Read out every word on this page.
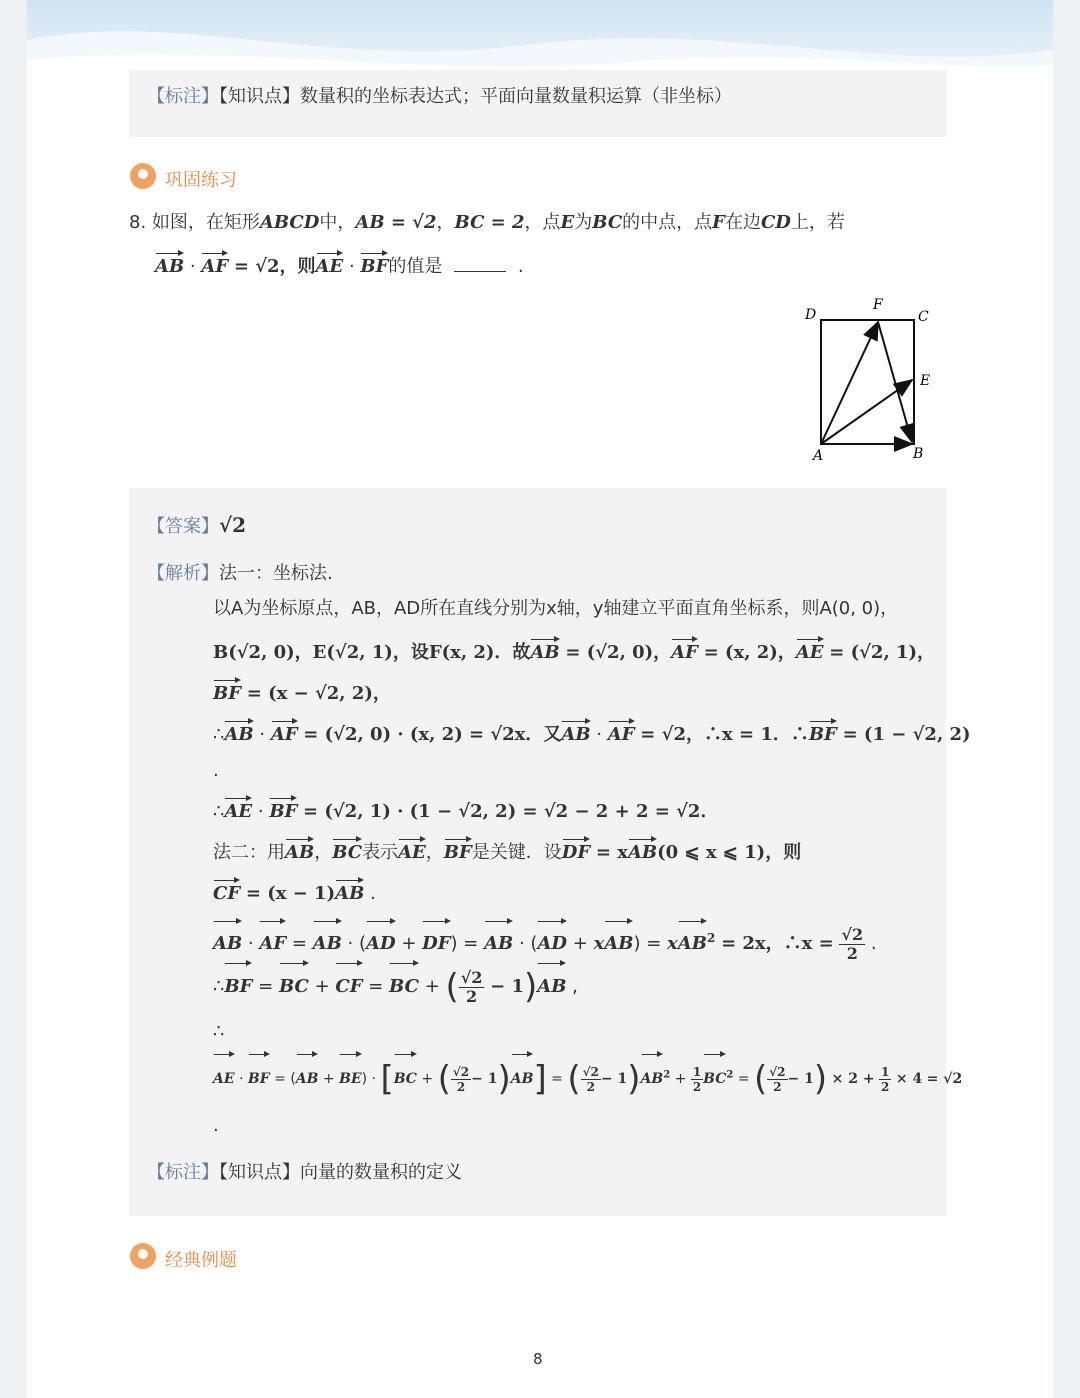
【标注】【知识点】数量积的坐标表达式；平面向量数量积运算（非坐标）
巩固练习
8. 如图，在矩形ABCD中，AB = √2，BC = 2，点E为BC的中点，点F在边CD上，若
AB · AF = √2，则AE · BF的值是	.
D
F
C
E
A	B
【答案】√2
【解析】法一：坐标法.
以A为坐标原点，AB，AD所在直线分别为x轴，y轴建立平面直角坐标系，则A(0, 0)，
B(√2, 0)，E(√2, 1)，设F(x, 2)．故AB = (√2, 0)，AF = (x, 2)，AE = (√2, 1)，
BF = (x − √2, 2)，
∴AB · AF = (√2, 0) · (x, 2) = √2x．又AB · AF = √2，∴x = 1．∴BF = (1 − √2, 2)
.
∴AE · BF = (√2, 1) · (1 − √2, 2) = √2 − 2 + 2 = √2．
法二：用AB，BC表示AE，BF是关键．设DF = xAB(0 ⩽ x ⩽ 1)，则
CF = (x − 1)AB .
AB · AF = AB · (AD + DF) = AB · (AD + xAB) = xAB$^2$ = 2x，∴x = $\frac{√2}{2}$ .
∴BF = BC + CF = BC + ( $\frac{√2}{2} - 1)AB$ ,
∴
AE · BF = (AB + BE) · [BC + ( $\frac{√2}{2} - 1)AB$] = ( $\frac{√2}{2} - 1)AB^2 + \frac{1}{2} BC^2$ = ( $\frac{√2}{2} - 1) \times 2 + \frac{1}{2} \times 4 = √2$
.
【标注】【知识点】向量的数量积的定义
经典例题
8
